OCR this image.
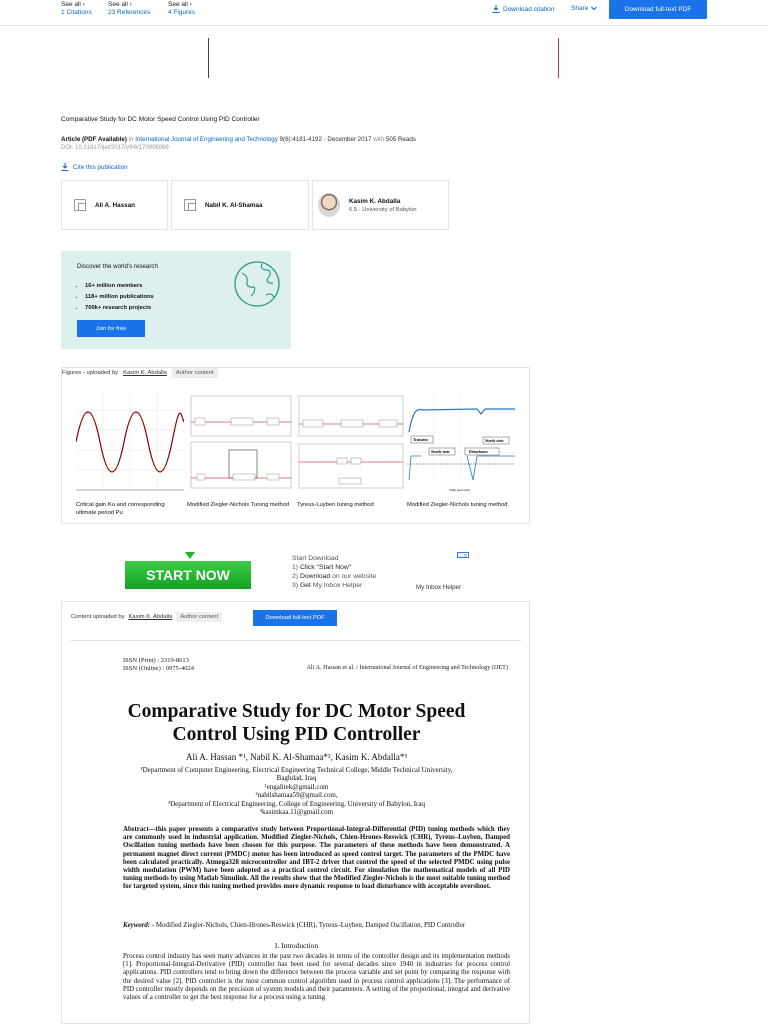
See all ›
1 Citations
See all ›
23 References
See all ›
4 Figures	Download citation	Share	Download full-text PDF
Comparative Study for DC Motor Speed Control Using PID Controller
Article (PDF Available) in International Journal of Engineering and Technology 9(6):4181-4192 · December 2017 with 505 Reads
DOI: 10.21817/ijet/2017/v9i6/170906069
Cite this publication
Ali A. Hassan	Nabil K. Al-Shamaa
Kasim K. Abdalla
6.5 · University of Babylon
Discover the world's research
• 16+ million members
• 118+ million publications
• 700k+ research projects
Join for free
Figures - uploaded by Kasim K. Abdalla	Author content
Critical gain Ku and corresponding ultimate period Pu
Modified Ziegler-Nichols Tuning method	Tyreus-Luyben tuning method
Transient	Steady state
Steady-state	Disturbance
Time (seconds)
Modified Ziegler-Nichols tuning method
START NOW
Start Download
1) Click "Start Now"
2) Download on our website
3) Get My Inbox Helper
ⓘ✕
My Inbox Helper
Content uploaded by Kasim K. Abdalla	Author content	Download full-text PDF
ISSN (Print) : 2319-8613
ISSN (Online) : 0975-4024	Ali A. Hassan et al. / International Journal of Engineering and Technology (IJET)
Comparative Study for DC Motor Speed
Control Using PID Controller
Ali A. Hassan *¹, Nabil K. Al-Shamaa*², Kasim K. Abdalla*³
¹Department of Computer Engineering, Electrical Engineering Technical College, Middle Technical University,
Baghdad, Iraq
¹engalitek@gmail.com
²nabilshamaa59@gmail.com,
³Department of Electrical Engineering, College of Engineering, University of Babylon, Iraq
³kasimkaa.11@gmail.com
Abstract—this paper presents a comparative study between Proportional-Integral-Differential (PID) tuning methods which they are commonly used in industrial application. Modified Ziegler-Nichols, Chien-Hrones-Reswick (CHR), Tyreus–Luyben, Damped Oscillation tuning methods have been chosen for this purpose. The parameters of these methods have been demonstrated. A permanent magnet direct current (PMDC) motor has been introduced as speed control target. The parameters of the PMDC have been calculated practically. Atmega328 microcontroller and IBT-2 driver that control the speed of the selected PMDC using pulse width modulation (PWM) have been adopted as a practical control circuit. For simulation the mathematical models of all PID tuning methods by using Matlab Simulink. All the results show that the Modified Ziegler-Nichols is the most suitable tuning method for targeted system, since this tuning method provides more dynamic response to load disturbance with acceptable overshoot.
Keyword: - Modified Ziegler-Nichols, Chien-Hrones-Reswick (CHR), Tyreus–Luyben, Damped Oscillation, PID Controller
I. Introduction
Process control industry has seen many advances in the past two decades in terms of the controller design and its implementation methods [1]. Proportional-Integral-Derivative (PID) controller has been used for several decades since 1940 in industries for process control applications. PID controllers tend to bring down the difference between the process variable and set point by comparing the response with the desired value [2]. PID controller is the most common control algorithm used in process control applications [3]. The performance of PID controller mostly depends on the precision of system models and their parameters. A setting of the proportional, integral and derivative values of a controller to get the best response for a process using a tuning
